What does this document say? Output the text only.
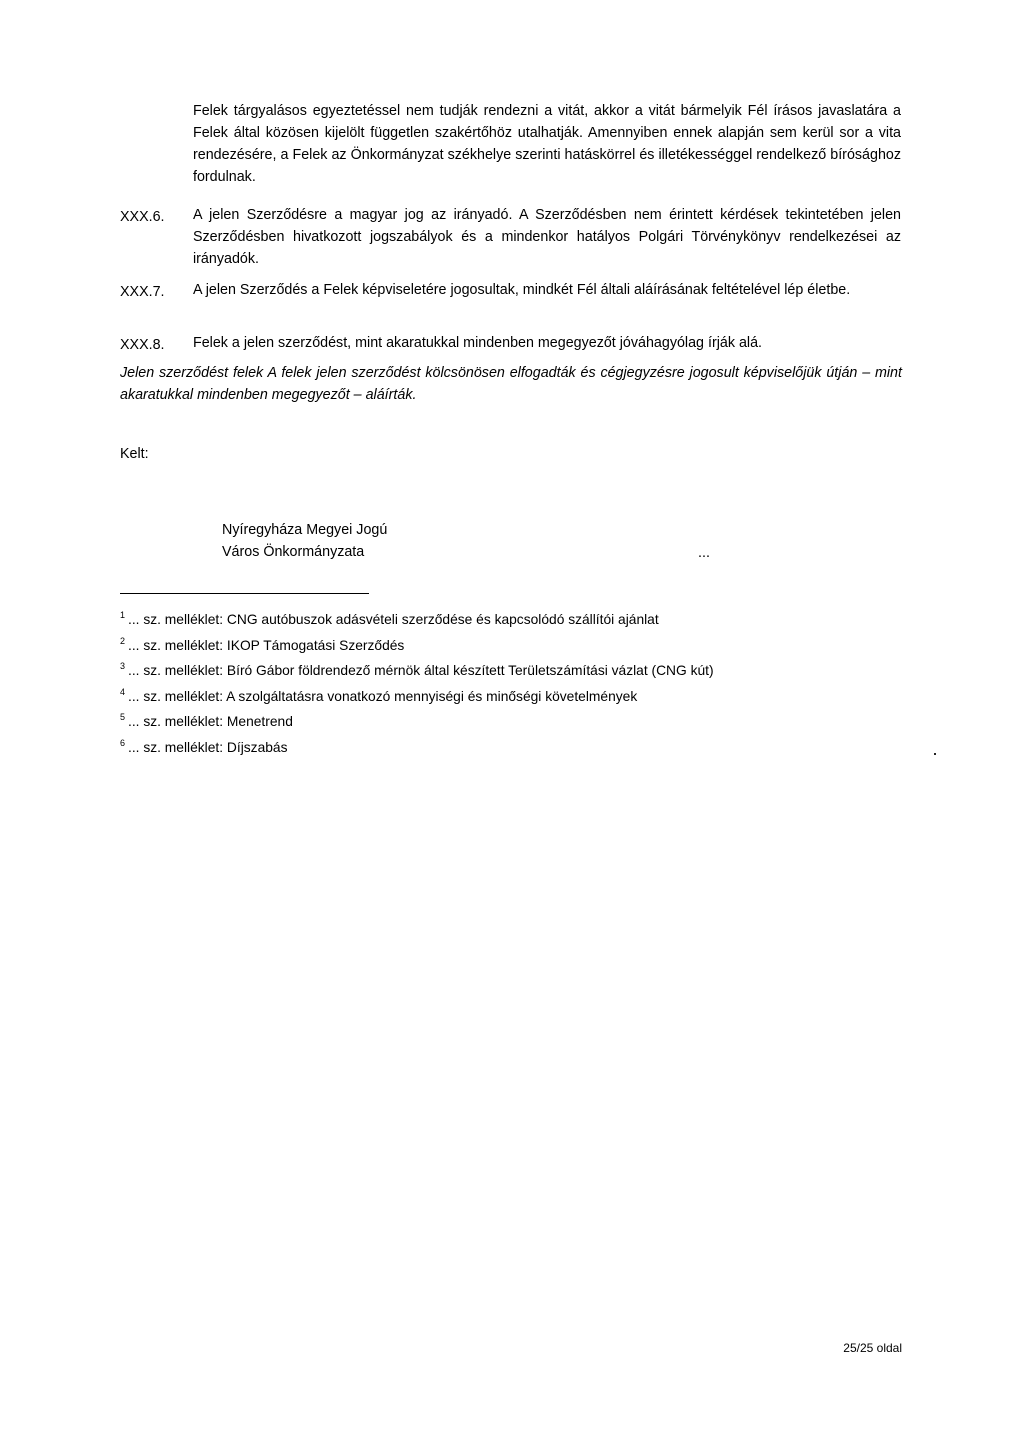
Felek tárgyalásos egyeztetéssel nem tudják rendezni a vitát, akkor a vitát bármelyik Fél írásos javaslatára a Felek által közösen kijelölt független szakértőhöz utalhatják. Amennyiben ennek alapján sem kerül sor a vita rendezésére, a Felek az Önkormányzat székhelye szerinti hatáskörrel és illetékességgel rendelkező bírósághoz fordulnak.

XXX.6.	A jelen Szerződésre a magyar jog az irányadó. A Szerződésben nem érintett kérdések tekintetében jelen Szerződésben hivatkozott jogszabályok és a mindenkor hatályos Polgári Törvénykönyv rendelkezései az irányadók.

XXX.7.	A jelen Szerződés a Felek képviseletére jogosultak, mindkét Fél általi aláírásának feltételével lép életbe.

XXX.8.	Felek a jelen szerződést, mint akaratukkal mindenben megegyezőt jóváhagyólag írják alá.

Jelen szerződést felek A felek jelen szerződést kölcsönösen elfogadták és cégjegyzésre jogosult képviselőjük útján – mint akaratukkal mindenben megegyezőt – aláírták.

Kelt:
Nyíregyháza Megyei Jogú
Város Önkormányzata	...
$^1$ ... sz. melléklet: CNG autóbuszok adásvételi szerződése és kapcsolódó szállítói ajánlat
$^2$ ... sz. melléklet: IKOP Támogatási Szerződés
$^3$ ... sz. melléklet: Bíró Gábor földrendező mérnök által készített Területszámítási vázlat (CNG kút)
$^4$ ... sz. melléklet: A szolgáltatásra vonatkozó mennyiségi és minőségi követelmények
$^5$ ... sz. melléklet: Menetrend
$^6$ ... sz. melléklet: Díjszabás
25/25 oldal
